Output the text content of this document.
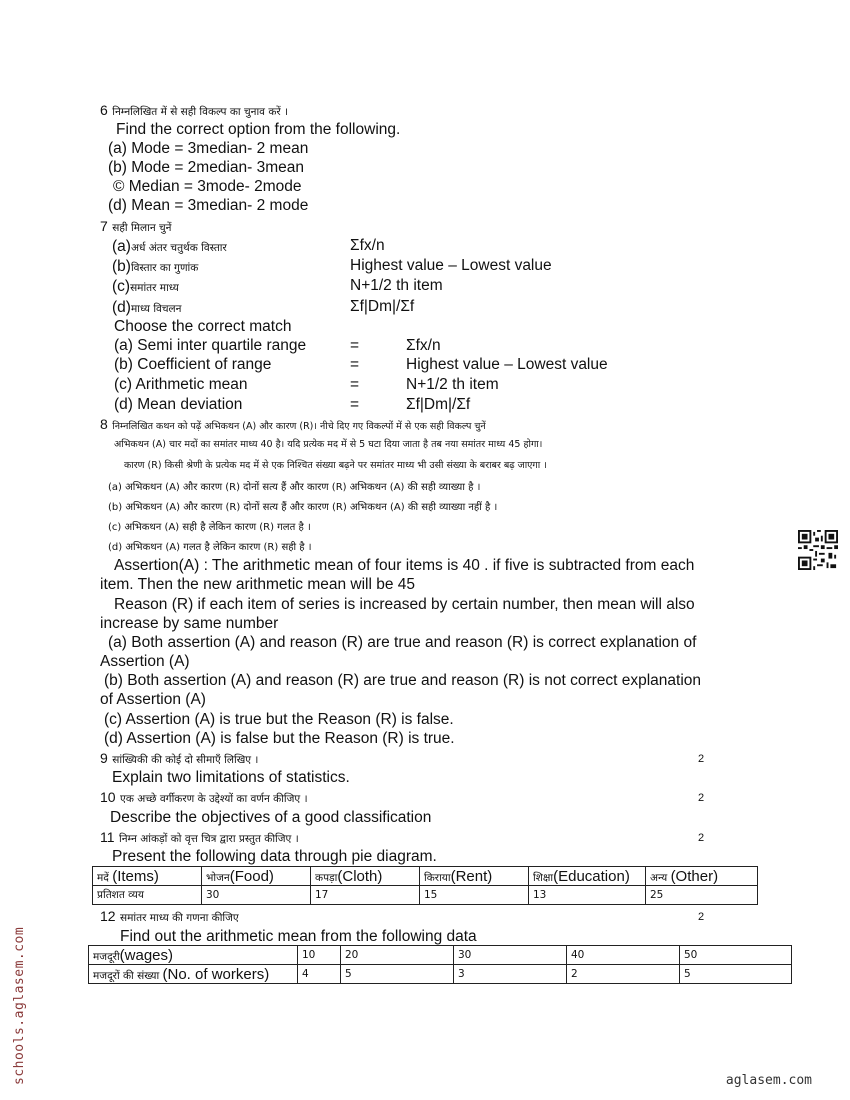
6 निम्नलिखित में से सही विकल्प का चुनाव करें ।
Find the correct option from the following.
(a) Mode = 3median- 2 mean
(b) Mode = 2median- 3mean
© Median = 3mode- 2mode
(d) Mean = 3median- 2 mode
7 सही मिलान चुनें
(a)अर्ध अंतर चतुर्थक विस्तार	Σfx/n
(b)विस्तार का गुणांक	Highest value – Lowest value
(c)समांतर माध्य	N+1/2 th item
(d)माध्य विचलन	Σf|Dm|/Σf
Choose the correct match
(a) Semi inter quartile range	=	Σfx/n
(b) Coefficient of range	=	Highest value – Lowest value
(c) Arithmetic mean	=	N+1/2 th item
(d) Mean deviation	=	Σf|Dm|/Σf
8 निम्नलिखित कथन को पढ़ें अभिकथन (A) और कारण (R)। नीचे दिए गए विकल्पों में से एक सही विकल्प चुनें
अभिकथन (A) चार मदों का समांतर माध्य 40 है। यदि प्रत्येक मद में से 5 घटा दिया जाता है तब नया समांतर माध्य 45 होगा।
कारण (R) किसी श्रेणी के प्रत्येक मद में से एक निश्चित संख्या बढ़ने पर समांतर माध्य भी उसी संख्या के बराबर बढ़ जाएगा ।
(a) अभिकथन (A) और कारण (R) दोनों सत्य हैं और कारण (R) अभिकथन (A) की सही व्याख्या है ।
(b) अभिकथन (A) और कारण (R) दोनों सत्य हैं और कारण (R) अभिकथन (A) की सही व्याख्या नहीं है ।
(c) अभिकथन (A) सही है लेकिन कारण (R) गलत है ।
(d) अभिकथन (A) गलत है लेकिन कारण (R) सही है ।
Assertion(A) : The arithmetic mean of four items is 40 . if five is subtracted from each
item. Then the new arithmetic mean will be 45
Reason (R) if each item of series is increased by certain number, then mean will also
increase by same number
(a) Both assertion (A) and reason (R) are true and reason (R) is correct explanation of
Assertion (A)
(b) Both assertion (A) and reason (R) are true and reason (R) is not correct explanation
of Assertion (A)
(c) Assertion (A) is true but the Reason (R) is false.
(d) Assertion (A) is false but the Reason (R) is true.
9 सांख्यिकी की कोई दो सीमाएँ लिखिए ।	2
Explain two limitations of statistics.
10 एक अच्छे वर्गीकरण के उद्देश्यों का वर्णन कीजिए ।	2
Describe the objectives of a good classification
11 निम्न आंकड़ों को वृत्त चित्र द्वारा प्रस्तुत कीजिए ।	2
Present the following data through pie diagram.
मदें (Items)	भोजन(Food)	कपड़ा(Cloth)	किराया(Rent)	शिक्षा(Education)	अन्य (Other)
प्रतिशत व्यय	30	17	15	13	25
12 समांतर माध्य की गणना कीजिए	2
Find out the arithmetic mean from the following data
मजदूरी(wages)	10	20	30	40	50
मजदूरों की संख्या (No. of workers)	4	5	3	2	5
schools.aglasem.com	aglasem.com
